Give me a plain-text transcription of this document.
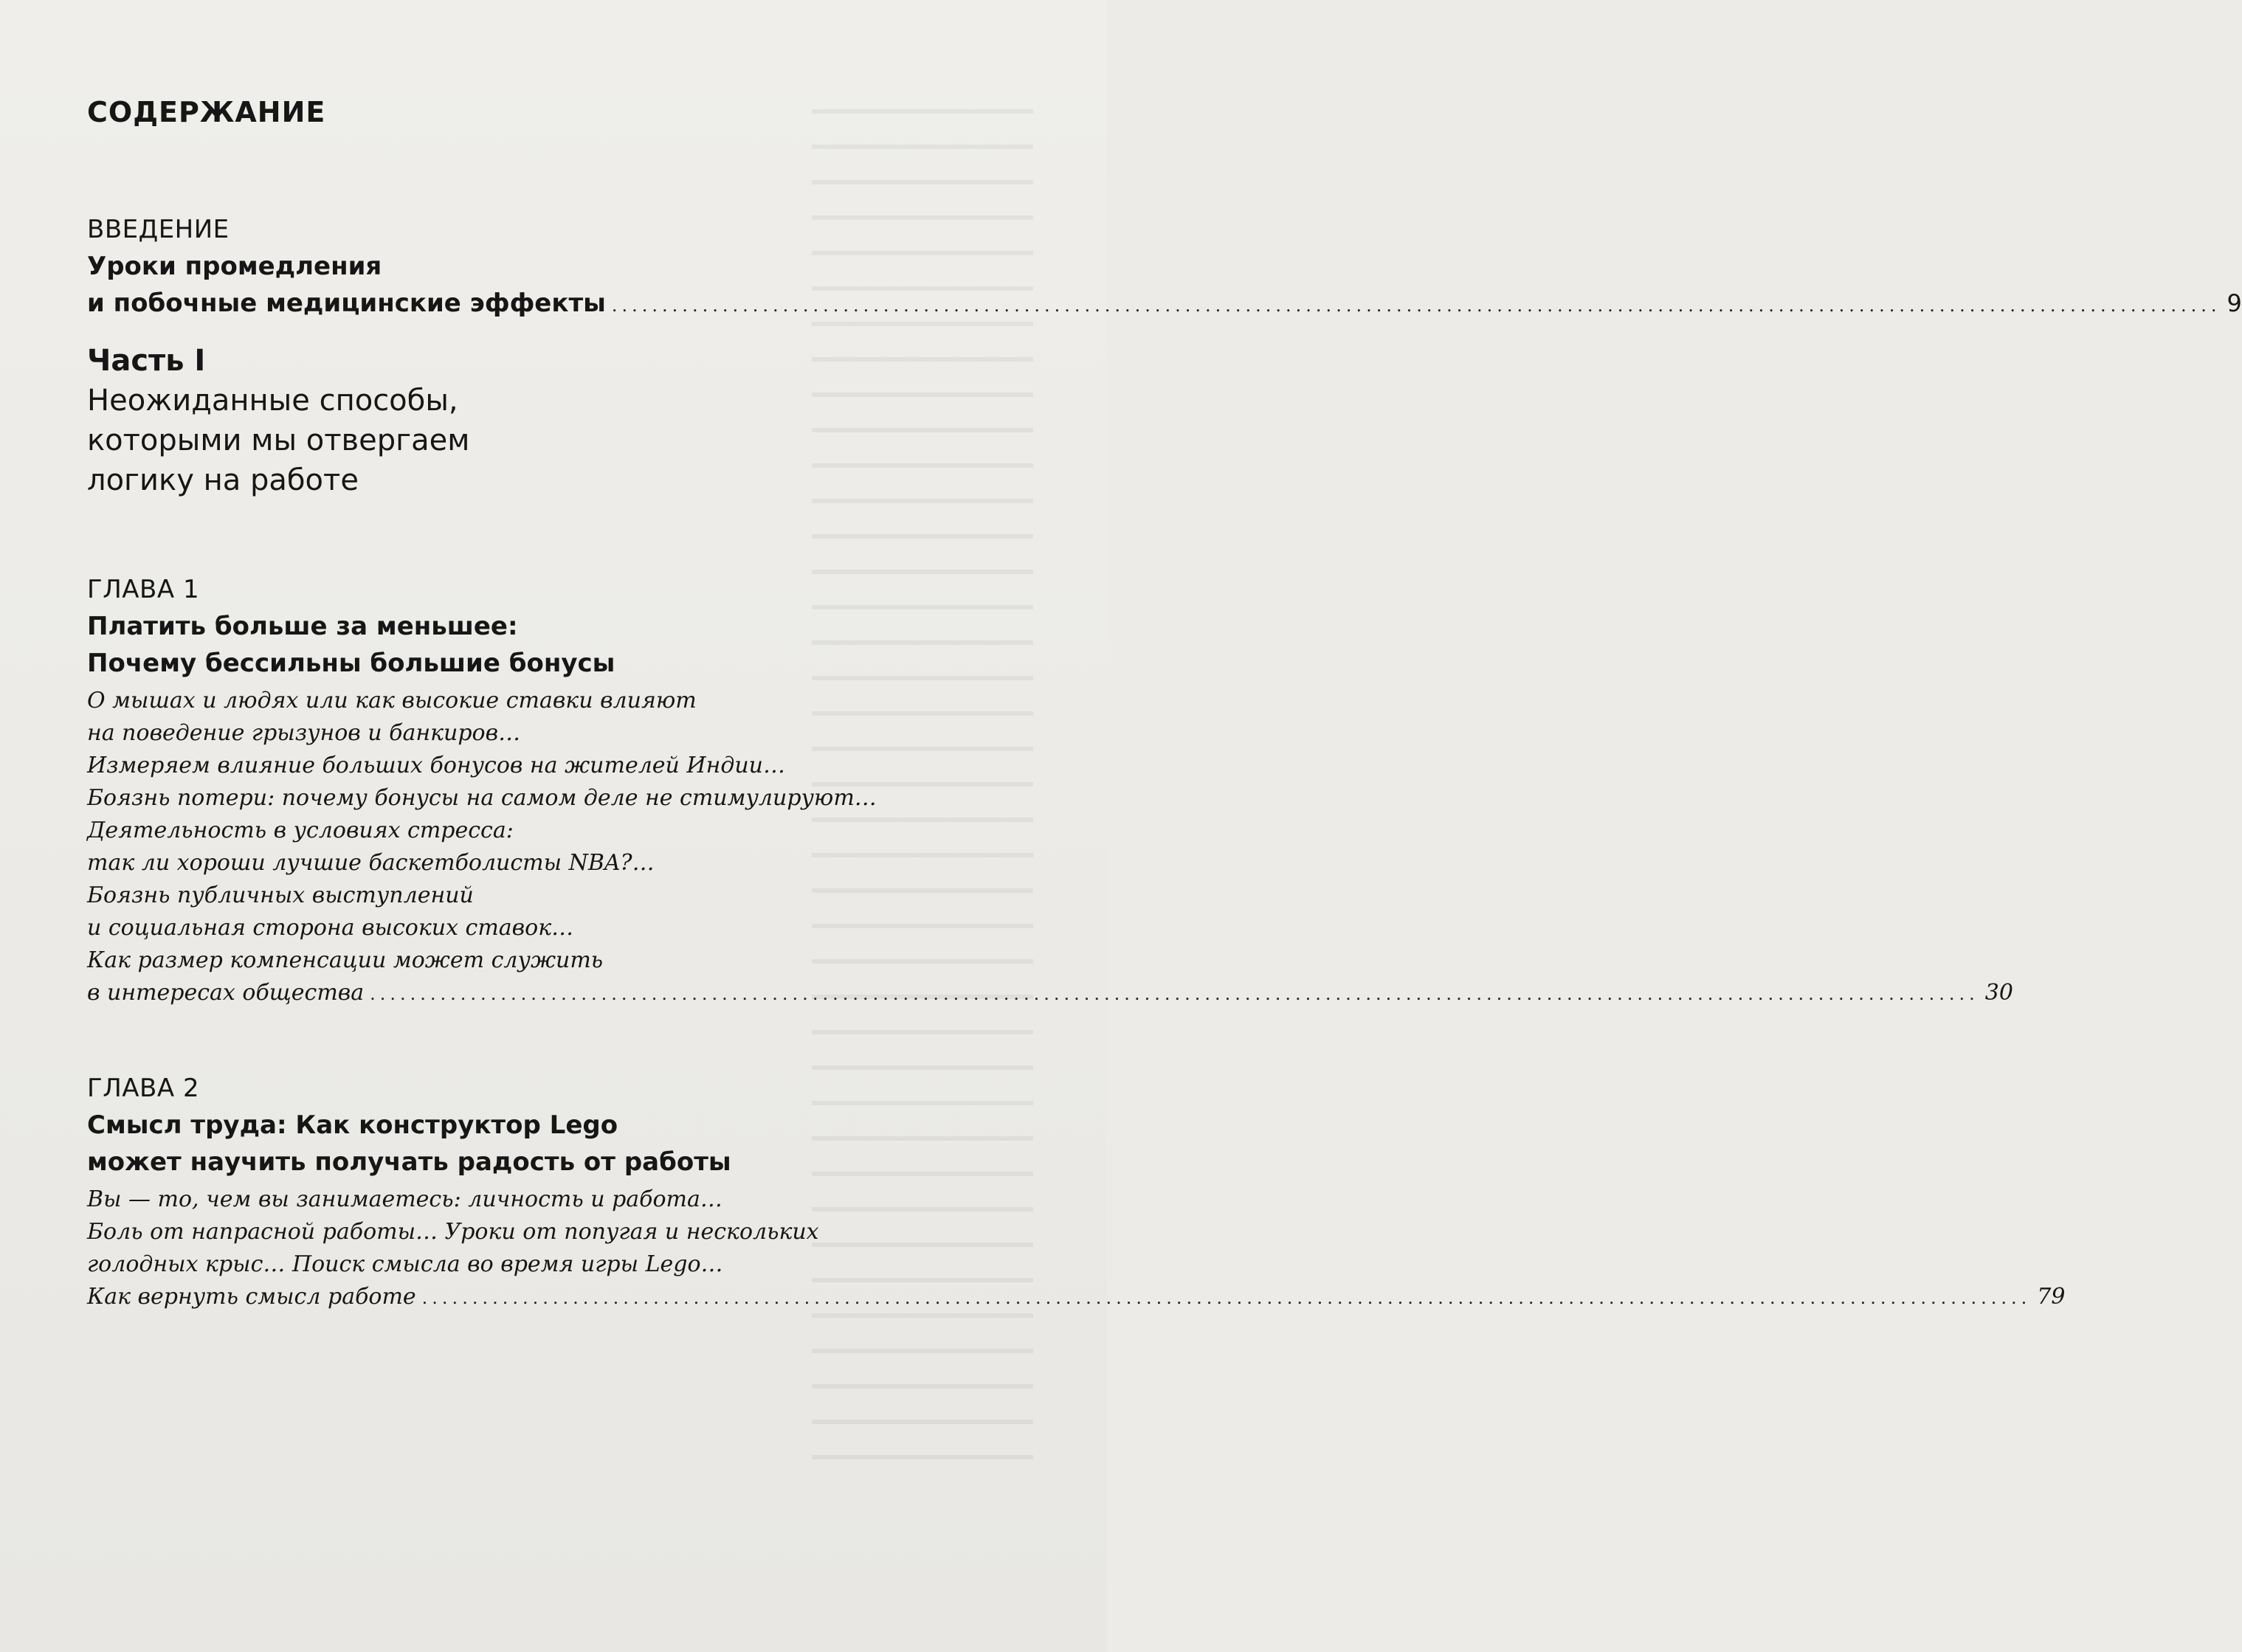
СОДЕРЖАНИЕ
ВВЕДЕНИЕ
Уроки промедления
и побочные медицинские эффекты ................................................................................................................................................................ 9
Часть I
Неожиданные способы,
которыми мы отвергаем
логику на работе
ГЛАВА 1
Платить больше за меньшее:
Почему бессильны большие бонусы
О мышах и людях или как высокие ставки влияют
на поведение грызунов и банкиров…
Измеряем влияние больших бонусов на жителей Индии…
Боязнь потери: почему бонусы на самом деле не стимулируют…
Деятельность в условиях стресса:
так ли хороши лучшие баскетболисты NBA?…
Боязнь публичных выступлений
и социальная сторона высоких ставок…
Как размер компенсации может служить
в интересах общества ................................................................................................................................................................ 30
ГЛАВА 2
Смысл труда: Как конструктор Lego
может научить получать радость от работы
Вы — то, чем вы занимаетесь: личность и работа…
Боль от напрасной работы… Уроки от попугая и нескольких
голодных крыс… Поиск смысла во время игры Lego…
Как вернуть смысл работе ................................................................................................................................................................ 79
